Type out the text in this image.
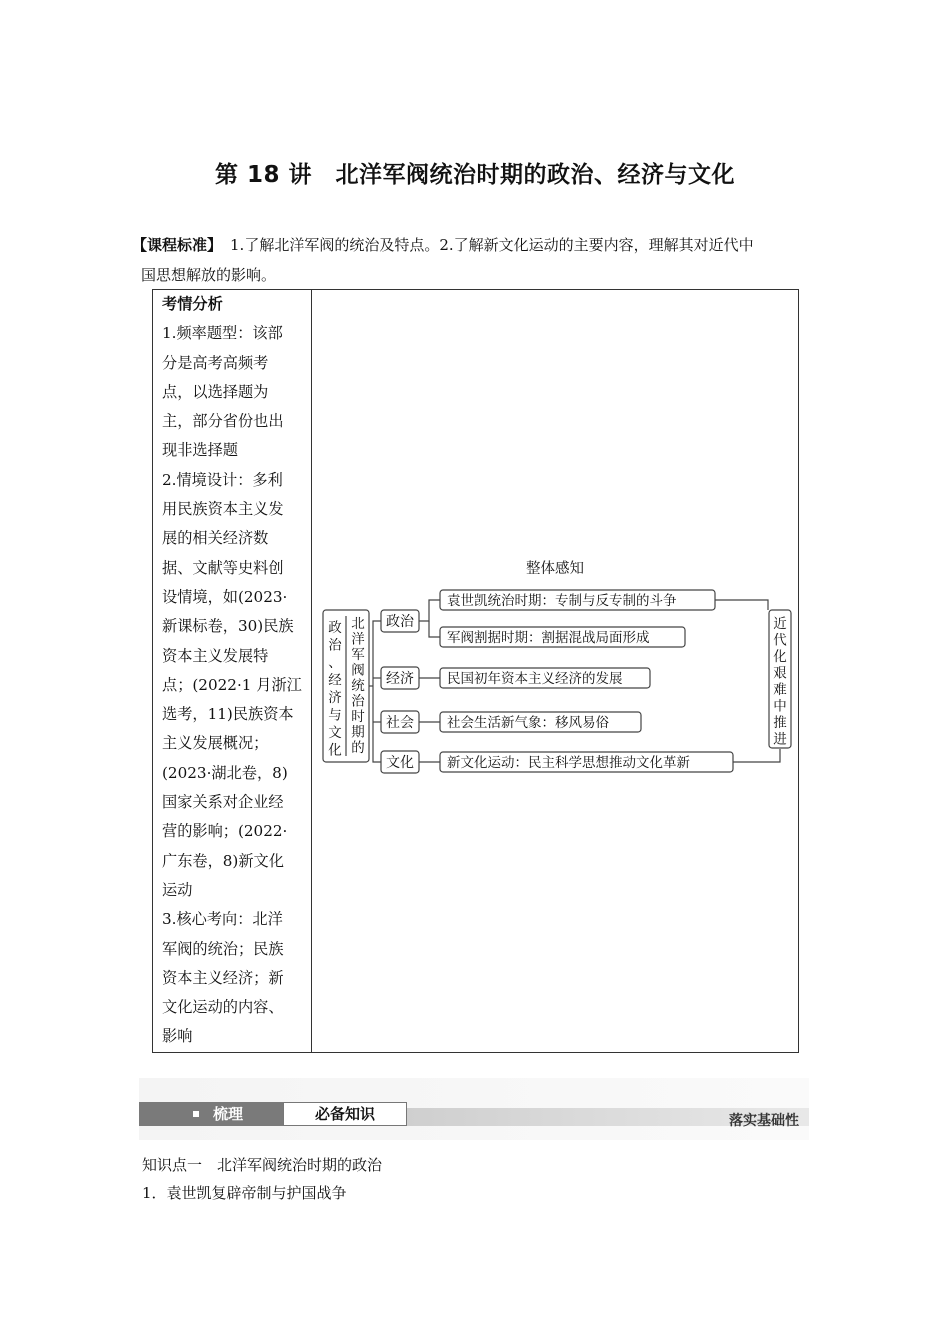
第 18 讲　北洋军阀统治时期的政治、经济与文化
【课程标准】 1.了解北洋军阀的统治及特点。2.了解新文化运动的主要内容，理解其对近代中
国思想解放的影响。
考情分析
1.频率题型：该部
分是高考高频考
点，以选择题为
主，部分省份也出
现非选择题
2.情境设计：多利
用民族资本主义发
展的相关经济数
据、文献等史料创
设情境，如(2023·
新课标卷，30)民族
资本主义发展特
点；(2022·1 月浙江
选考，11)民族资本
主义发展概况；
(2023·湖北卷，8)
国家关系对企业经
营的影响；(2022·
广东卷，8)新文化
运动
3.核心考向：北洋
军阀的统治；民族
资本主义经济；新
文化运动的内容、
影响
整体感知
政
治
、
经
济
与
文
化
北
洋
军
阀
统
治
时
期
的
政治
经济
社会
文化
袁世凯统治时期：专制与反专制的斗争
军阀割据时期：割据混战局面形成
民国初年资本主义经济的发展
社会生活新气象：移风易俗
新文化运动：民主科学思想推动文化革新
近
代
化
艰
难
中
推
进
梳理	必备知识	落实基础性
知识点一　北洋军阀统治时期的政治
1．袁世凯复辟帝制与护国战争
